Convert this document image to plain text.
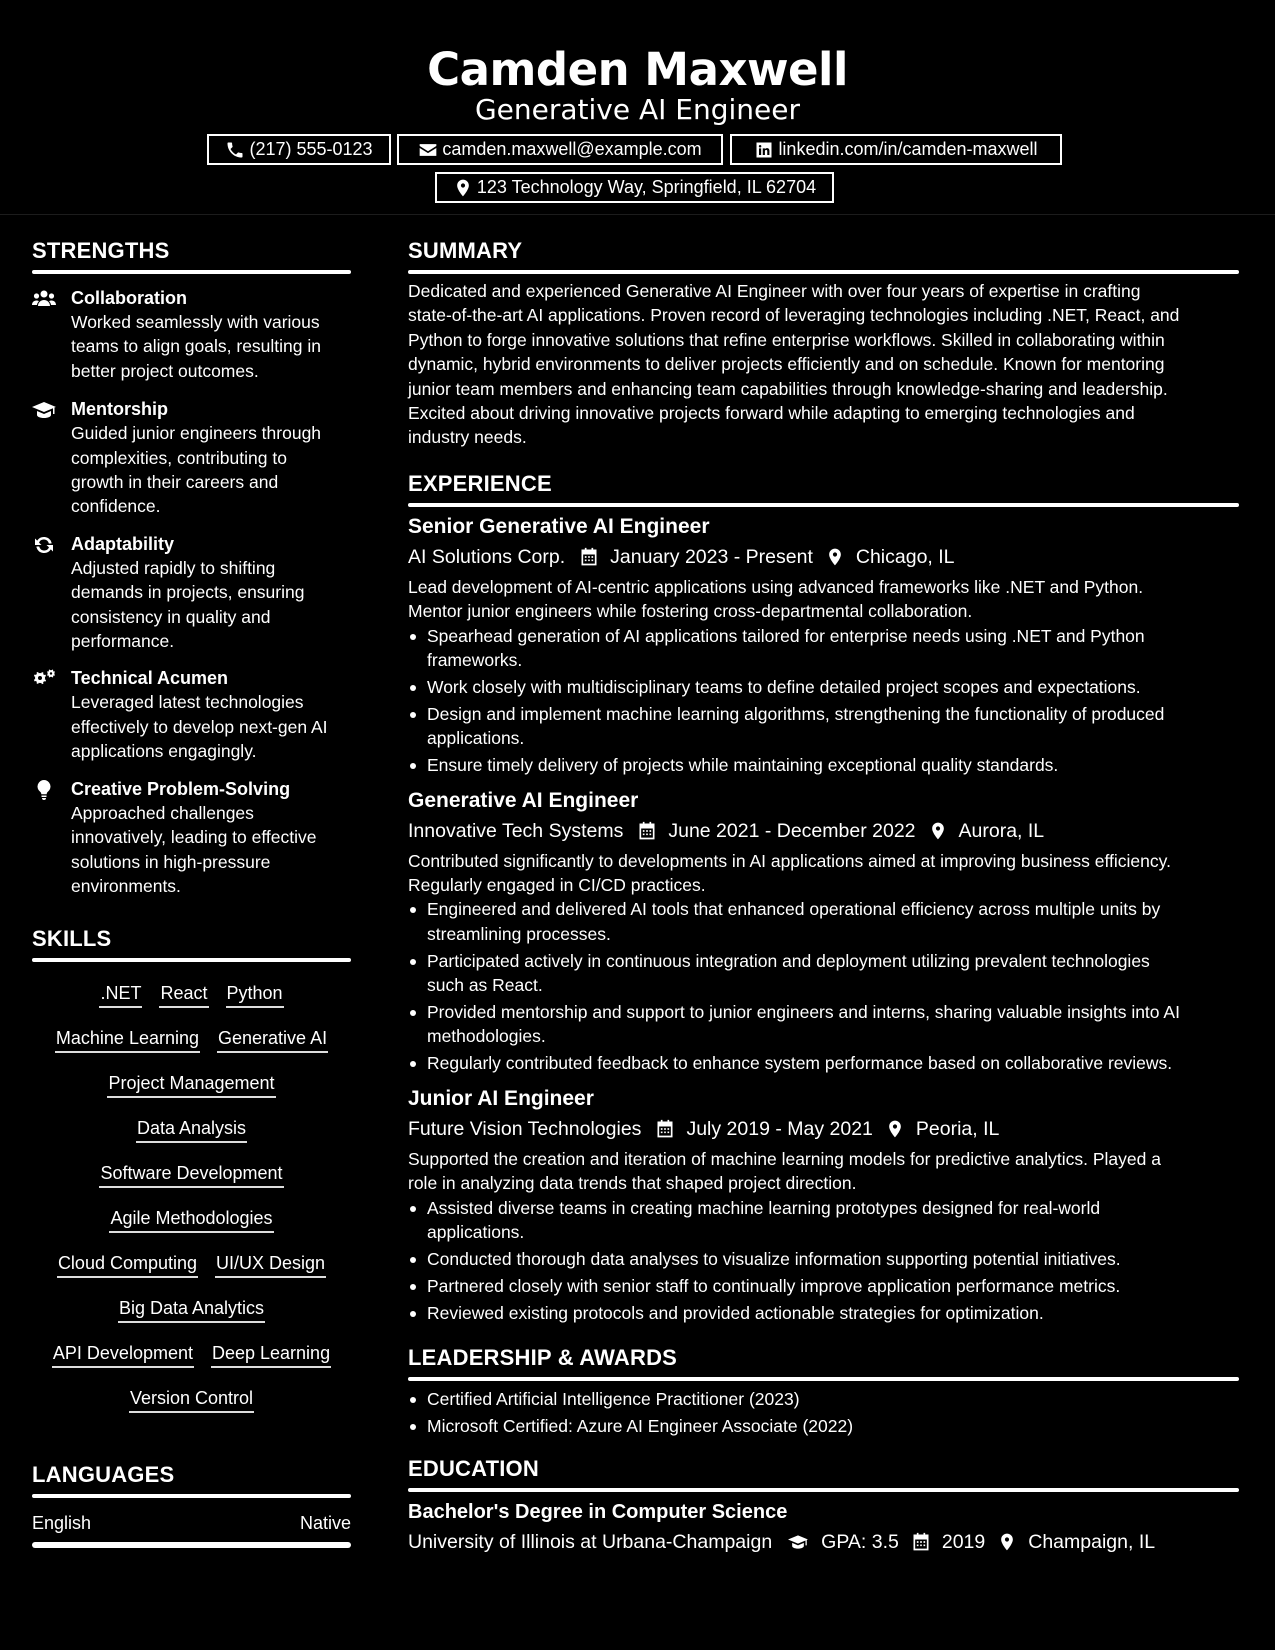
Camden Maxwell
Generative AI Engineer
(217) 555-0123	camden.maxwell@example.com	linkedin.com/in/camden-maxwell
123 Technology Way, Springfield, IL 62704
STRENGTHS
Collaboration
Worked seamlessly with various
teams to align goals, resulting in
better project outcomes.
Mentorship
Guided junior engineers through
complexities, contributing to
growth in their careers and
confidence.
Adaptability
Adjusted rapidly to shifting
demands in projects, ensuring
consistency in quality and
performance.
Technical Acumen
Leveraged latest technologies
effectively to develop next-gen AI
applications engagingly.
Creative Problem-Solving
Approached challenges
innovatively, leading to effective
solutions in high-pressure
environments.
SKILLS
.NET React Python
Machine Learning Generative AI
Project Management
Data Analysis
Software Development
Agile Methodologies
Cloud Computing UI/UX Design
Big Data Analytics
API Development Deep Learning
Version Control
LANGUAGES
English	Native
SUMMARY
Dedicated and experienced Generative AI Engineer with over four years of expertise in crafting
state-of-the-art AI applications. Proven record of leveraging technologies including .NET, React, and
Python to forge innovative solutions that refine enterprise workflows. Skilled in collaborating within
dynamic, hybrid environments to deliver projects efficiently and on schedule. Known for mentoring
junior team members and enhancing team capabilities through knowledge-sharing and leadership.
Excited about driving innovative projects forward while adapting to emerging technologies and
industry needs.
EXPERIENCE
Senior Generative AI Engineer
AI Solutions Corp. January 2023 - Present Chicago, IL
Lead development of AI-centric applications using advanced frameworks like .NET and Python.
Mentor junior engineers while fostering cross-departmental collaboration.
Spearhead generation of AI applications tailored for enterprise needs using .NET and Python
frameworks.
Work closely with multidisciplinary teams to define detailed project scopes and expectations.
Design and implement machine learning algorithms, strengthening the functionality of produced
applications.
Ensure timely delivery of projects while maintaining exceptional quality standards.
Generative AI Engineer
Innovative Tech Systems June 2021 - December 2022 Aurora, IL
Contributed significantly to developments in AI applications aimed at improving business efficiency.
Regularly engaged in CI/CD practices.
Engineered and delivered AI tools that enhanced operational efficiency across multiple units by
streamlining processes.
Participated actively in continuous integration and deployment utilizing prevalent technologies
such as React.
Provided mentorship and support to junior engineers and interns, sharing valuable insights into AI
methodologies.
Regularly contributed feedback to enhance system performance based on collaborative reviews.
Junior AI Engineer
Future Vision Technologies July 2019 - May 2021 Peoria, IL
Supported the creation and iteration of machine learning models for predictive analytics. Played a
role in analyzing data trends that shaped project direction.
Assisted diverse teams in creating machine learning prototypes designed for real-world
applications.
Conducted thorough data analyses to visualize information supporting potential initiatives.
Partnered closely with senior staff to continually improve application performance metrics.
Reviewed existing protocols and provided actionable strategies for optimization.
LEADERSHIP & AWARDS
Certified Artificial Intelligence Practitioner (2023)
Microsoft Certified: Azure AI Engineer Associate (2022)
EDUCATION
Bachelor's Degree in Computer Science
University of Illinois at Urbana-Champaign	GPA: 3.5 2019 Champaign, IL
